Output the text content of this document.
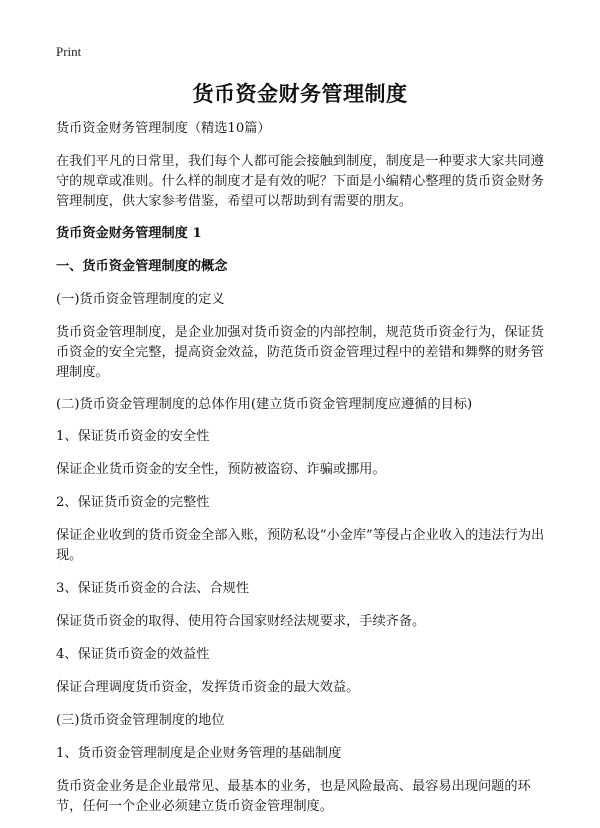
Print
货币资金财务管理制度

货币资金财务管理制度（精选10篇）

在我们平凡的日常里，我们每个人都可能会接触到制度，制度是一种要求大家共同遵守的规章或准则。什么样的制度才是有效的呢？下面是小编精心整理的货币资金财务管理制度，供大家参考借鉴，希望可以帮助到有需要的朋友。

货币资金财务管理制度 1

一、货币资金管理制度的概念

(一)货币资金管理制度的定义

货币资金管理制度，是企业加强对货币资金的内部控制，规范货币资金行为，保证货币资金的安全完整，提高资金效益，防范货币资金管理过程中的差错和舞弊的财务管理制度。

(二)货币资金管理制度的总体作用(建立货币资金管理制度应遵循的目标)

1、保证货币资金的安全性

保证企业货币资金的安全性，预防被盗窃、诈骗或挪用。

2、保证货币资金的完整性

保证企业收到的货币资金全部入账，预防私设“小金库”等侵占企业收入的违法行为出现。

3、保证货币资金的合法、合规性

保证货币资金的取得、使用符合国家财经法规要求，手续齐备。

4、保证货币资金的效益性

保证合理调度货币资金，发挥货币资金的最大效益。

(三)货币资金管理制度的地位

1、货币资金管理制度是企业财务管理的基础制度

货币资金业务是企业最常见、最基本的业务，也是风险最高、最容易出现问题的环节，任何一个企业必须建立货币资金管理制度。
